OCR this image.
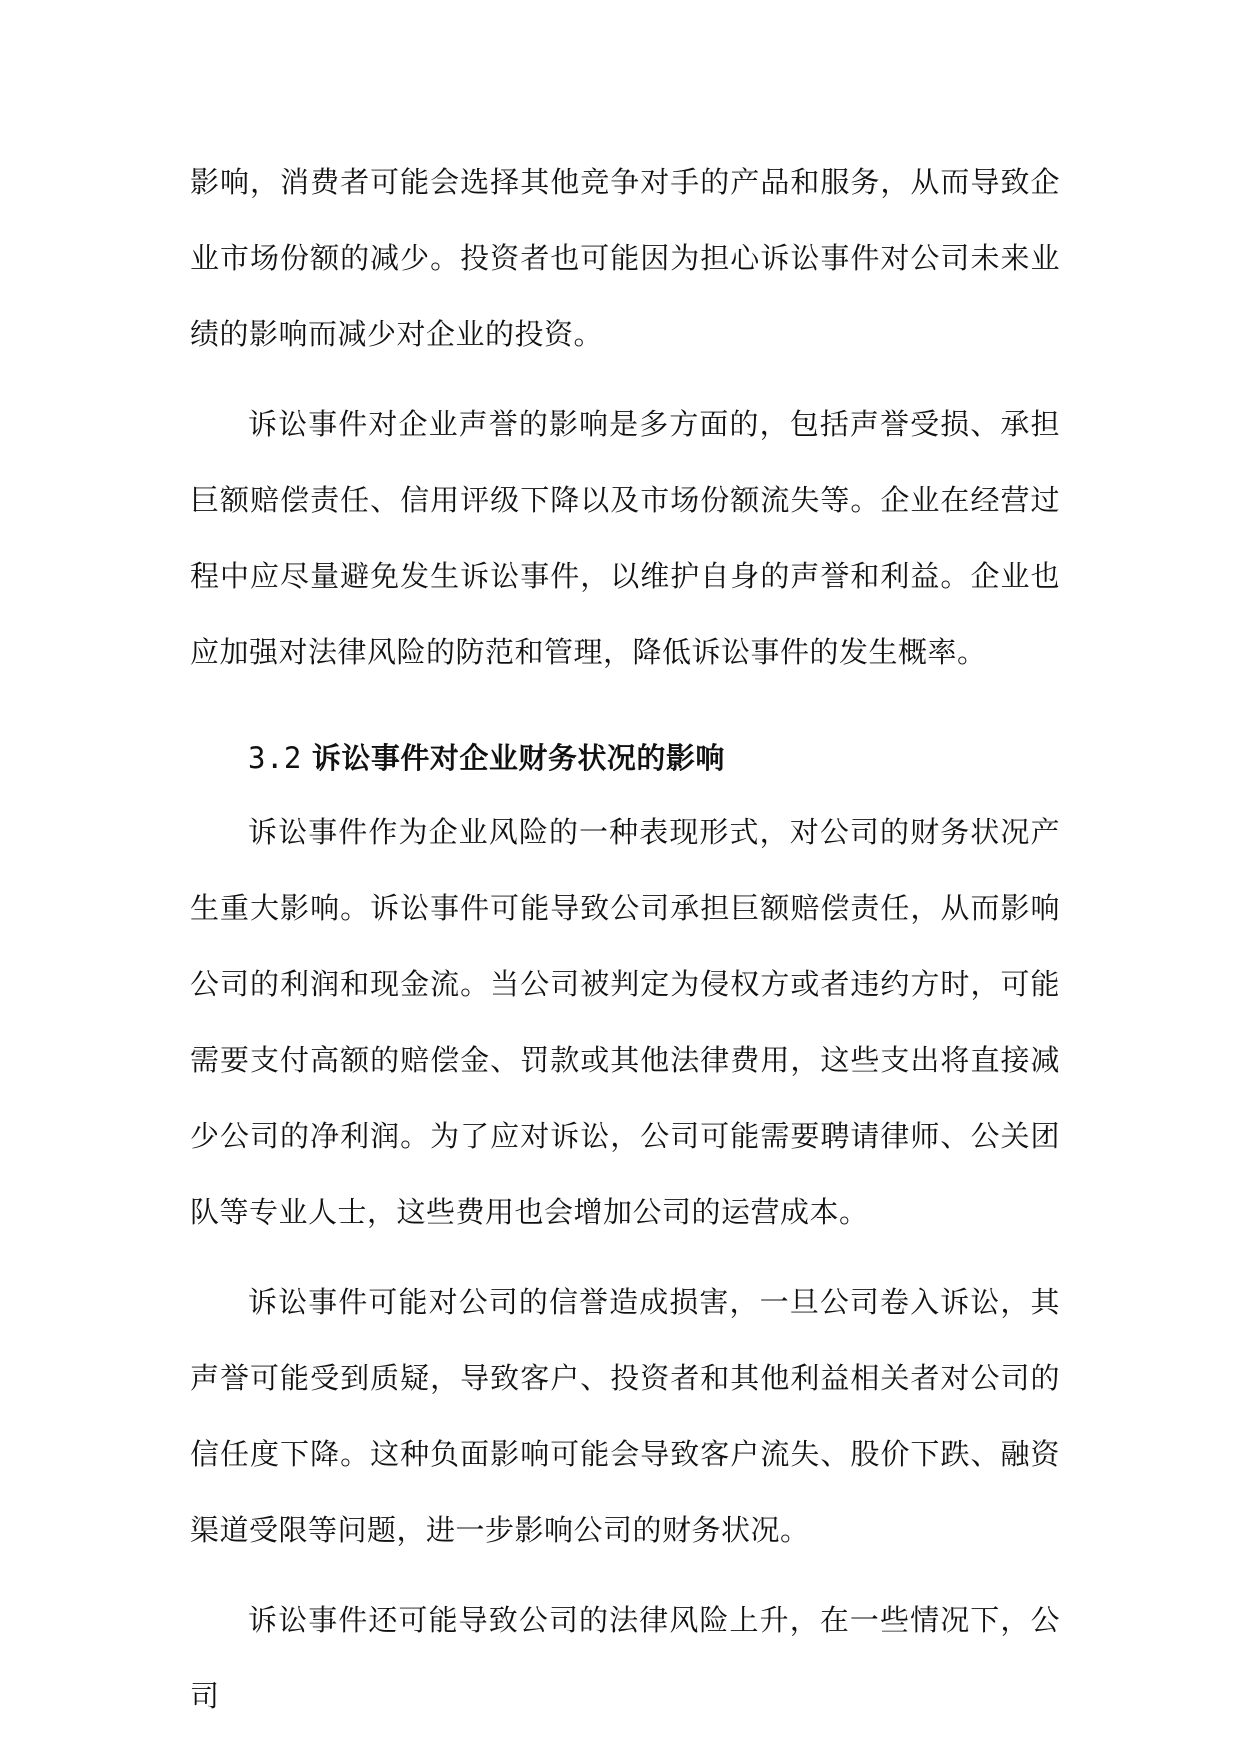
影响，消费者可能会选择其他竞争对手的产品和服务，从而导致企业市场份额的减少。投资者也可能因为担心诉讼事件对公司未来业绩的影响而减少对企业的投资。

诉讼事件对企业声誉的影响是多方面的，包括声誉受损、承担巨额赔偿责任、信用评级下降以及市场份额流失等。企业在经营过程中应尽量避免发生诉讼事件，以维护自身的声誉和利益。企业也应加强对法律风险的防范和管理，降低诉讼事件的发生概率。

3.2 诉讼事件对企业财务状况的影响

诉讼事件作为企业风险的一种表现形式，对公司的财务状况产生重大影响。诉讼事件可能导致公司承担巨额赔偿责任，从而影响公司的利润和现金流。当公司被判定为侵权方或者违约方时，可能需要支付高额的赔偿金、罚款或其他法律费用，这些支出将直接减少公司的净利润。为了应对诉讼，公司可能需要聘请律师、公关团队等专业人士，这些费用也会增加公司的运营成本。

诉讼事件可能对公司的信誉造成损害，一旦公司卷入诉讼，其声誉可能受到质疑，导致客户、投资者和其他利益相关者对公司的信任度下降。这种负面影响可能会导致客户流失、股价下跌、融资渠道受限等问题，进一步影响公司的财务状况。

诉讼事件还可能导致公司的法律风险上升，在一些情况下，公司
